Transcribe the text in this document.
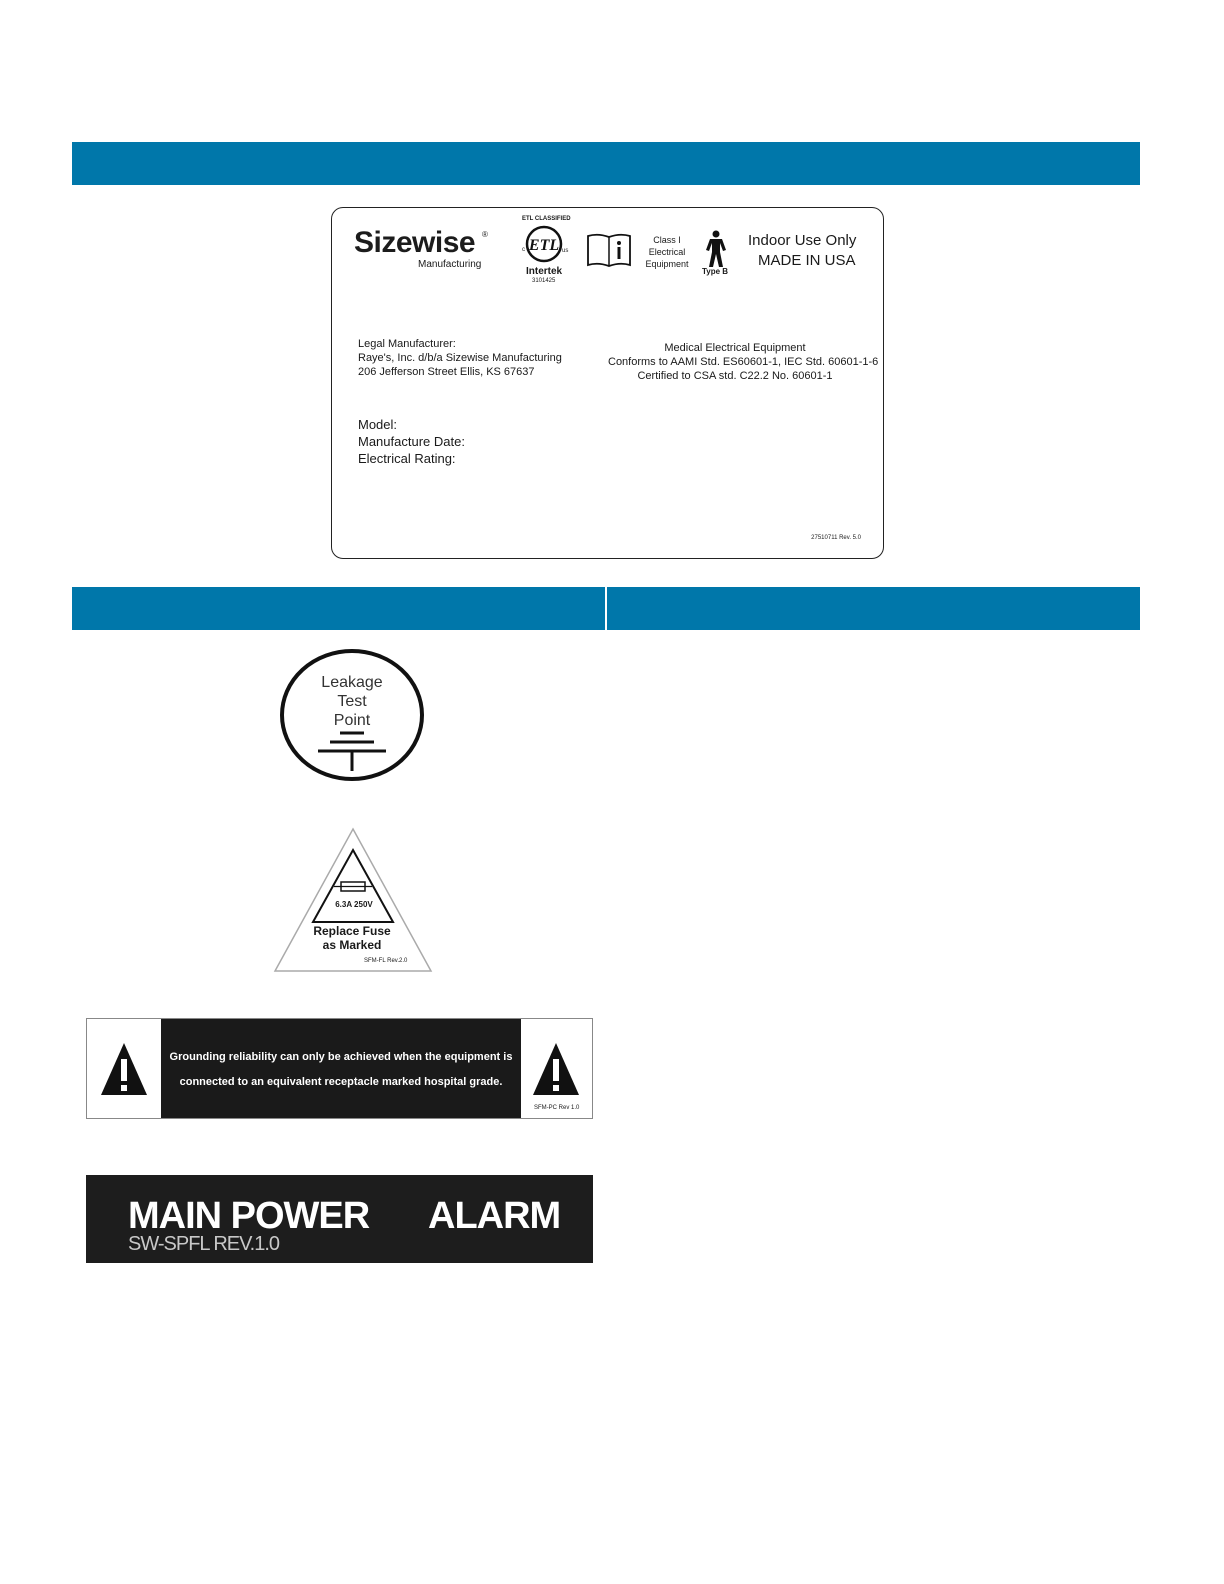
Sizewise ®
Manufacturing
ETL CLASSIFIED
ETL
c	us
Intertek
3101425
Class I
Electrical
Equipment
Type B
Indoor Use Only
MADE IN USA
Legal Manufacturer:
Raye's, Inc. d/b/a Sizewise Manufacturing
206 Jefferson Street Ellis, KS 67637
Medical Electrical Equipment
Conforms to AAMI Std. ES60601-1, IEC Std. 60601-1-6
Certified to CSA std. C22.2 No. 60601-1
Model:
Manufacture Date:
Electrical Rating:
27510711 Rev. 5.0
Leakage
Test
Point
6.3A 250V
Replace Fuse
as Marked
SFM-FL Rev.2.0
Grounding reliability can only be achieved when the equipment is
connected to an equivalent receptacle marked hospital grade.
SFM-PC Rev 1.0
MAIN POWER ALARM
SW-SPFL REV.1.0
